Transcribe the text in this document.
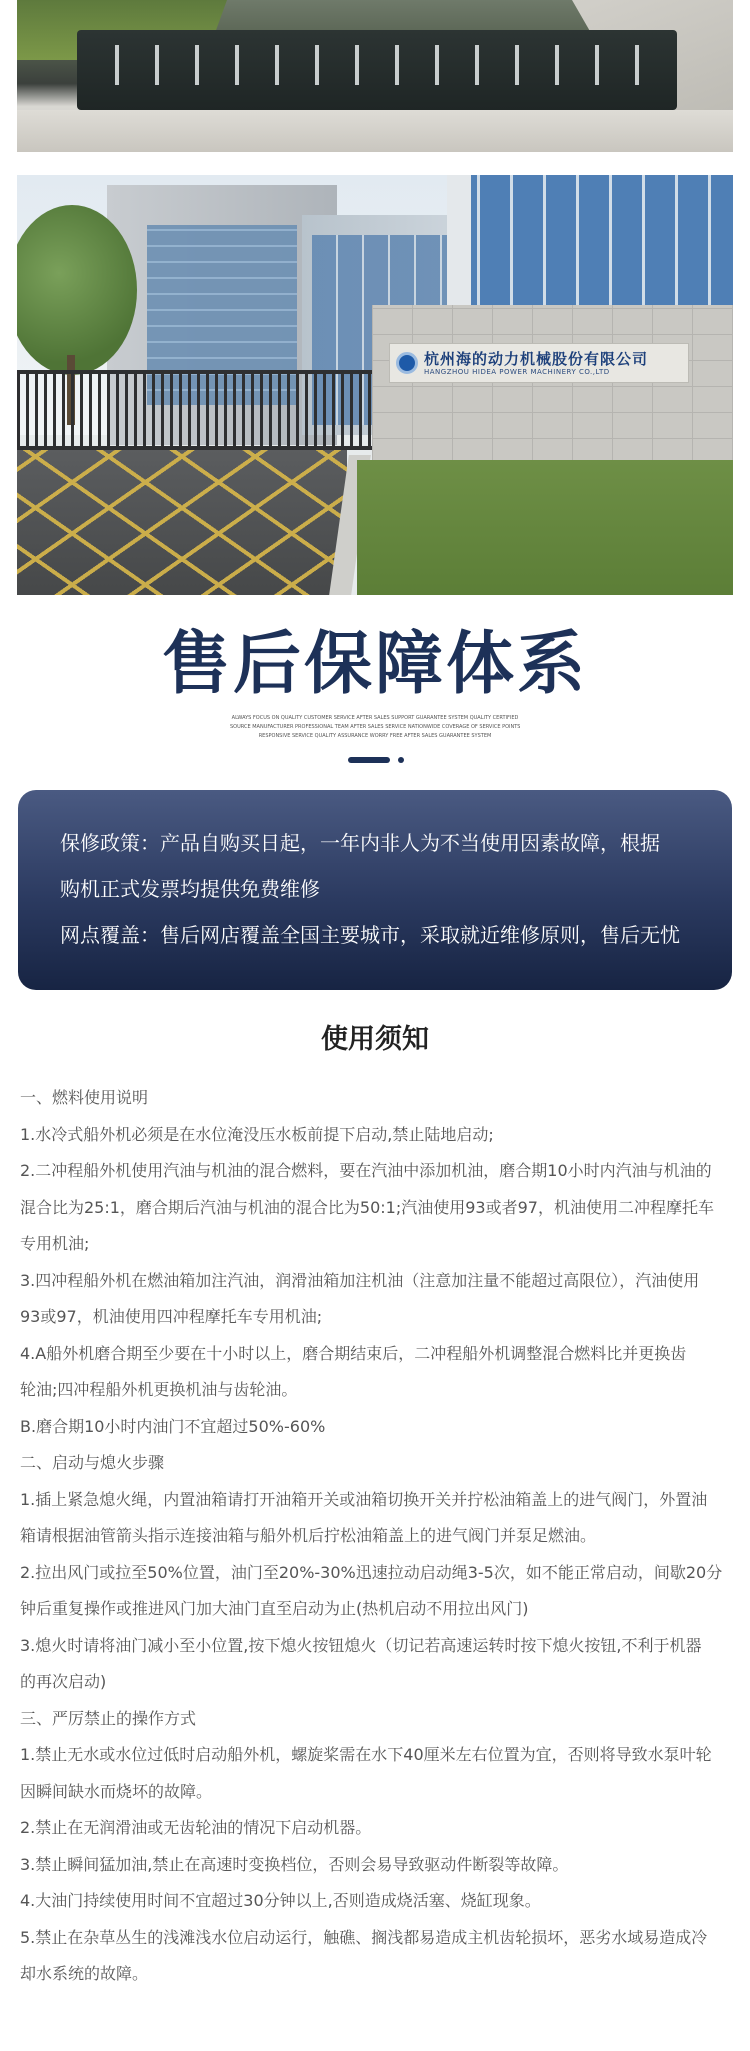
杭州海的动力机械股份有限公司
HANGZHOU HIDEA POWER MACHINERY CO.,LTD
售后保障体系
ALWAYS FOCUS ON QUALITY CUSTOMER SERVICE AFTER SALES SUPPORT GUARANTEE SYSTEM QUALITY CERTIFIED
SOURCE MANUFACTURER PROFESSIONAL TEAM AFTER SALES SERVICE NATIONWIDE COVERAGE OF SERVICE POINTS
RESPONSIVE SERVICE QUALITY ASSURANCE WORRY FREE AFTER SALES GUARANTEE SYSTEM
保修政策：产品自购买日起，一年内非人为不当使用因素故障，根据
购机正式发票均提供免费维修
网点覆盖：售后网店覆盖全国主要城市，采取就近维修原则，售后无忧
使用须知
一、燃料使用说明
1.水冷式船外机必须是在水位淹没压水板前提下启动,禁止陆地启动;
2.二冲程船外机使用汽油与机油的混合燃料，要在汽油中添加机油，磨合期10小时内汽油与机油的
混合比为25:1，磨合期后汽油与机油的混合比为50:1;汽油使用93或者97，机油使用二冲程摩托车
专用机油;
3.四冲程船外机在燃油箱加注汽油，润滑油箱加注机油（注意加注量不能超过高限位），汽油使用
93或97，机油使用四冲程摩托车专用机油;
4.A船外机磨合期至少要在十小时以上，磨合期结束后，二冲程船外机调整混合燃料比并更换齿
轮油;四冲程船外机更换机油与齿轮油。
B.磨合期10小时内油门不宜超过50%-60%
二、启动与熄火步骤
1.插上紧急熄火绳，内置油箱请打开油箱开关或油箱切换开关并拧松油箱盖上的进气阀门，外置油
箱请根据油管箭头指示连接油箱与船外机后拧松油箱盖上的进气阀门并泵足燃油。
2.拉出风门或拉至50%位置，油门至20%-30%迅速拉动启动绳3-5次，如不能正常启动，间歇20分
钟后重复操作或推进风门加大油门直至启动为止(热机启动不用拉出风门)
3.熄火时请将油门减小至小位置,按下熄火按钮熄火（切记若高速运转时按下熄火按钮,不利于机器
的再次启动)
三、严厉禁止的操作方式
1.禁止无水或水位过低时启动船外机，螺旋桨需在水下40厘米左右位置为宜，否则将导致水泵叶轮
因瞬间缺水而烧坏的故障。
2.禁止在无润滑油或无齿轮油的情况下启动机器。
3.禁止瞬间猛加油,禁止在高速时变换档位，否则会易导致驱动件断裂等故障。
4.大油门持续使用时间不宜超过30分钟以上,否则造成烧活塞、烧缸现象。
5.禁止在杂草丛生的浅滩浅水位启动运行，触礁、搁浅都易造成主机齿轮损坏，恶劣水域易造成冷
却水系统的故障。
